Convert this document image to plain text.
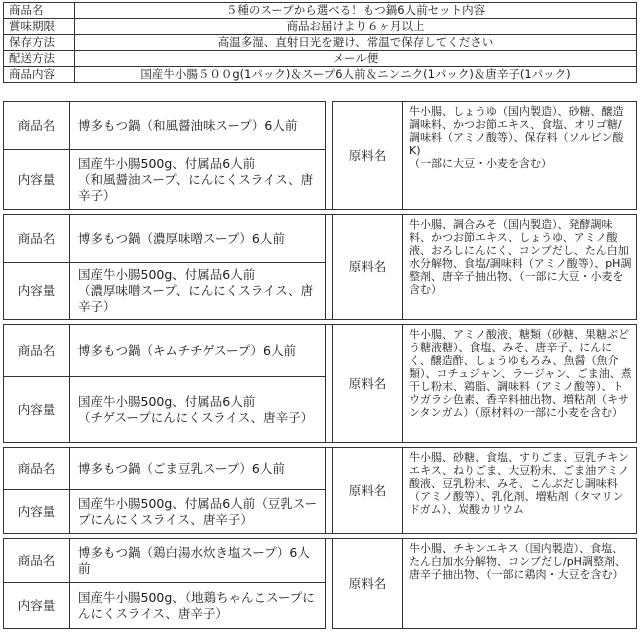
商品名	５種のスープから選べる！もつ鍋6人前セット内容
賞味期限	商品お届けより６ヶ月以上
保存方法	高温多湿、直射日光を避け、常温で保存してください
配送方法	メール便
商品内容	国産牛小腸５００g(1パック)＆スープ6人前＆ニンニク(1パック)＆唐辛子(1パック)
商品名	博多もつ鍋（和風醤油味スープ）6人前		原料名	牛小腸、しょうゆ（国内製造）、砂糖、醸造調味料、かつお節エキス、食塩、オリゴ糖/調味料（アミノ酸等）、保存料（ソルビン酸K)
（一部に大豆・小麦を含む）
内容量	国産牛小腸500g、付属品6人前
（和風醤油スープ、にんにくスライス、唐辛子）			

商品名	博多もつ鍋（濃厚味噌スープ）6人前		原料名	牛小腸、調合みそ（国内製造）、発酵調味料、かつお節エキス、しょうゆ、アミノ酸液、おろしにんにく、コンブだし、たん白加水分解物、食塩/調味料（アミノ酸等）、pH調整剤、唐辛子抽出物、（一部に大豆・小麦を含む）
内容量	国産牛小腸500g、付属品6人前
（濃厚味噌スープ、にんにくスライス、唐辛子）			

商品名	博多もつ鍋（キムチチゲスープ）6人前		原料名	牛小腸、アミノ酸液、糖類（砂糖、果糖ぶどう糖液糖）、食塩、みそ、唐辛子、にんにく、醸造酢、しょうゆもろみ、魚醤（魚介類）、コチュジャン、ラージャン、ごま油、煮干し粉末、鶏脂、調味料（アミノ酸等）、トウガラシ色素、香辛料抽出物、増粘剤（キサンタンガム）（原材料の一部に小麦を含む）
内容量	国産牛小腸500g、付属品6人前
（チゲスープにんにくスライス、唐辛子）			

商品名	博多もつ鍋（ごま豆乳スープ）6人前		原料名	牛小腸、砂糖、食塩、すりごま、豆乳チキンエキス、ねりごま、大豆粉末、ごま油アミノ酸液、豆乳粉末、みそ、こんぶだし調味料（アミノ酸等）、乳化剤、増粘剤（タマリンドガム）、炭酸カリウム
内容量	国産牛小腸500g、付属品6人前（豆乳スープにんにくスライス、唐辛子）			

商品名	博多もつ鍋（鶏白湯水炊き塩スープ）6人前		原料名	牛小腸、チキンエキス（国内製造）、食塩、たん白加水分解物、コンブだし/pH調整剤、唐辛子抽出物、（一部に鶏肉・大豆を含む）
内容量	国産牛小腸500g、（地鶏ちゃんこスープにんにくスライス、唐辛子）			
